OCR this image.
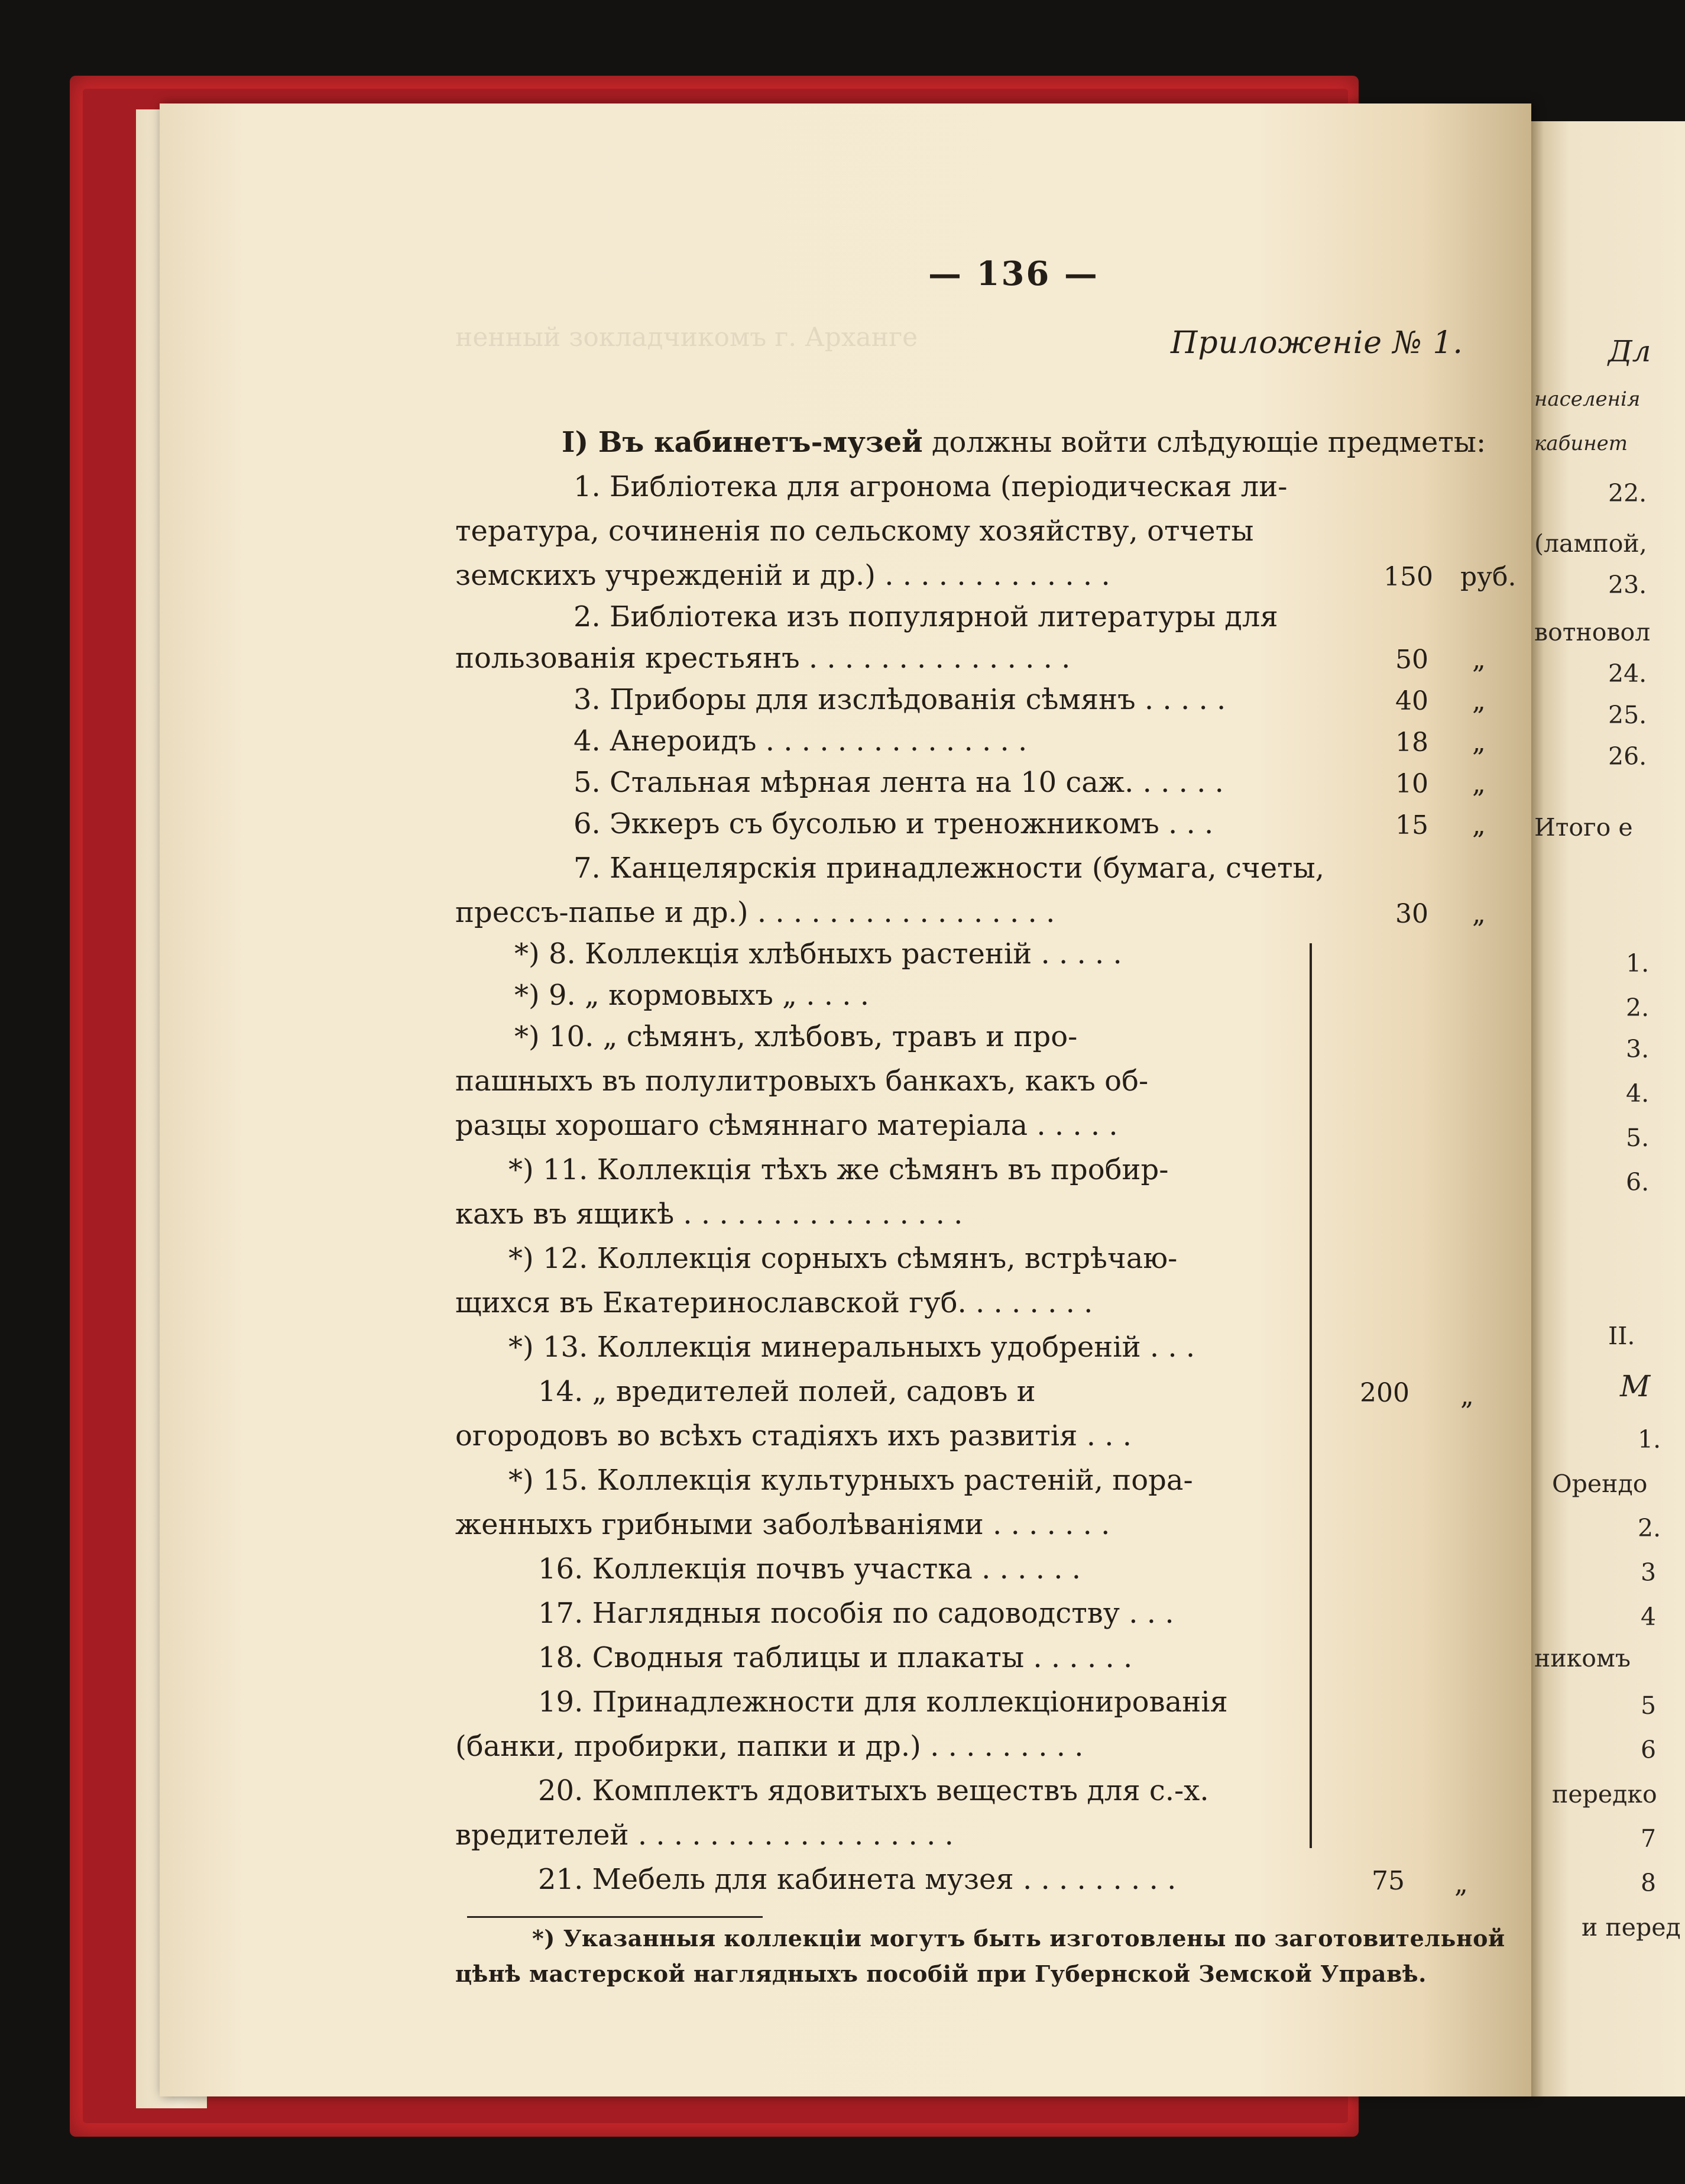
ненный зокладчикомъ г. Арханге
— 136 —
Приложеніе № 1.
I) Въ кабинетъ-музей должны войти слѣдующіе предметы:
1. Библіотека для агронома (періодическая ли-
тература, сочиненія по сельскому хозяйству, отчеты
земскихъ учрежденій и др.) . . . . . . . . . . . . .	150 руб.
2. Библіотека изъ популярной литературы для
пользованія крестьянъ . . . . . . . . . . . . . . .	50 „
3. Приборы для изслѣдованія сѣмянъ . . . . .	40 „
4. Анероидъ . . . . . . . . . . . . . . .	18 „
5. Стальная мѣрная лента на 10 саж. . . . . .	10 „
6. Эккеръ съ бусолью и треножникомъ . . .	15 „
7. Канцелярскія принадлежности (бумага, счеты,
прессъ-папье и др.) . . . . . . . . . . . . . . . . .	30 „
*) 8. Коллекція хлѣбныхъ растеній . . . . .
*) 9. „ кормовыхъ „ . . . .
*) 10. „ сѣмянъ, хлѣбовъ, травъ и про-
пашныхъ въ полулитровыхъ банкахъ, какъ об-
разцы хорошаго сѣмяннаго матеріала . . . . .
*) 11. Коллекція тѣхъ же сѣмянъ въ пробир-
кахъ въ ящикѣ . . . . . . . . . . . . . . . .
*) 12. Коллекція сорныхъ сѣмянъ, встрѣчаю-
щихся въ Екатеринославской губ. . . . . . . .
*) 13. Коллекція минеральныхъ удобреній . . .
14. „ вредителей полей, садовъ и
огородовъ во всѣхъ стадіяхъ ихъ развитія . . .
*) 15. Коллекція культурныхъ растеній, пора-
женныхъ грибными заболѣваніями . . . . . . .
16. Коллекція почвъ участка . . . . . .
17. Наглядныя пособія по садоводству . . .
18. Сводныя таблицы и плакаты . . . . . .
19. Принадлежности для коллекціонированія
(банки, пробирки, папки и др.) . . . . . . . . .
20. Комплектъ ядовитыхъ веществъ для с.-х.
вредителей . . . . . . . . . . . . . . . . . .
200 „
21. Мебель для кабинета музея . . . . . . . . .	75 „
*) Указанныя коллекціи могутъ быть изготовлены по заготовительной
цѣнѣ мастерской наглядныхъ пособій при Губернской Земской Управѣ.
Дл
населенія
кабинет
22.
(лампой,
23.
вотновол
24.
25.
26.
Итого е
1.
2.
3.
4.
5.
6.
II.
М
1.
Орендо
2.
3
4
никомъ
5
6
передко
7
8
и перед
